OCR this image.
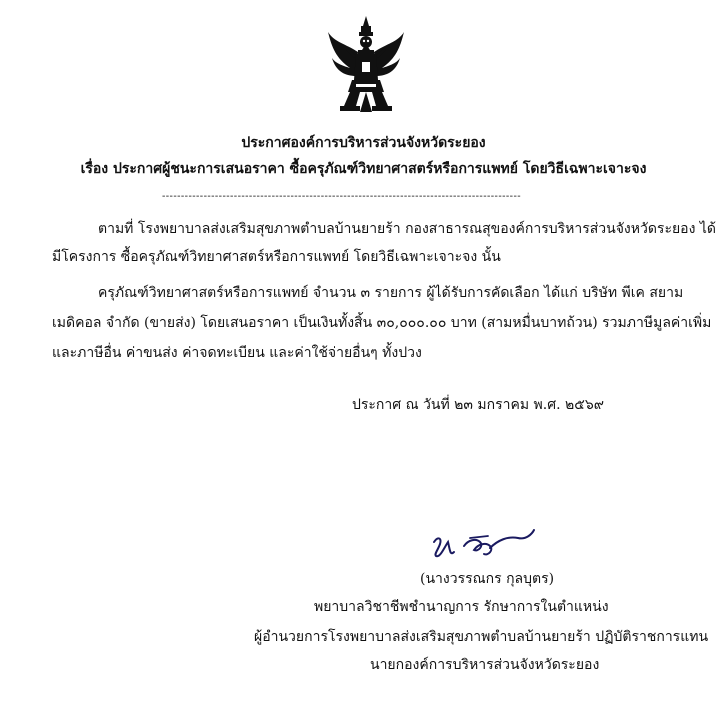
ประกาศองค์การบริหารส่วนจังหวัดระยอง
เรื่อง ประกาศผู้ชนะการเสนอราคา ซื้อครุภัณฑ์วิทยาศาสตร์หรือการแพทย์ โดยวิธีเฉพาะเจาะจง
-----------------------------------------------------------------------------------------------
ตามที่ โรงพยาบาลส่งเสริมสุขภาพตำบลบ้านยายร้า กองสาธารณสุของค์การบริหารส่วนจังหวัดระยอง ได้
มีโครงการ ซื้อครุภัณฑ์วิทยาศาสตร์หรือการแพทย์ โดยวิธีเฉพาะเจาะจง นั้น
ครุภัณฑ์วิทยาศาสตร์หรือการแพทย์ จำนวน ๓ รายการ ผู้ได้รับการคัดเลือก ได้แก่ บริษัท พีเค สยาม
เมดิคอล จำกัด (ขายส่ง) โดยเสนอราคา เป็นเงินทั้งสิ้น ๓๐,๐๐๐.๐๐ บาท (สามหมื่นบาทถ้วน) รวมภาษีมูลค่าเพิ่ม
และภาษีอื่น ค่าขนส่ง ค่าจดทะเบียน และค่าใช้จ่ายอื่นๆ ทั้งปวง
ประกาศ ณ วันที่ ๒๓ มกราคม พ.ศ. ๒๕๖๙
(นางวรรณกร กุลบุตร)
พยาบาลวิชาชีพชำนาญการ รักษาการในตำแหน่ง
ผู้อำนวยการโรงพยาบาลส่งเสริมสุขภาพตำบลบ้านยายร้า ปฏิบัติราชการแทน
นายกองค์การบริหารส่วนจังหวัดระยอง
